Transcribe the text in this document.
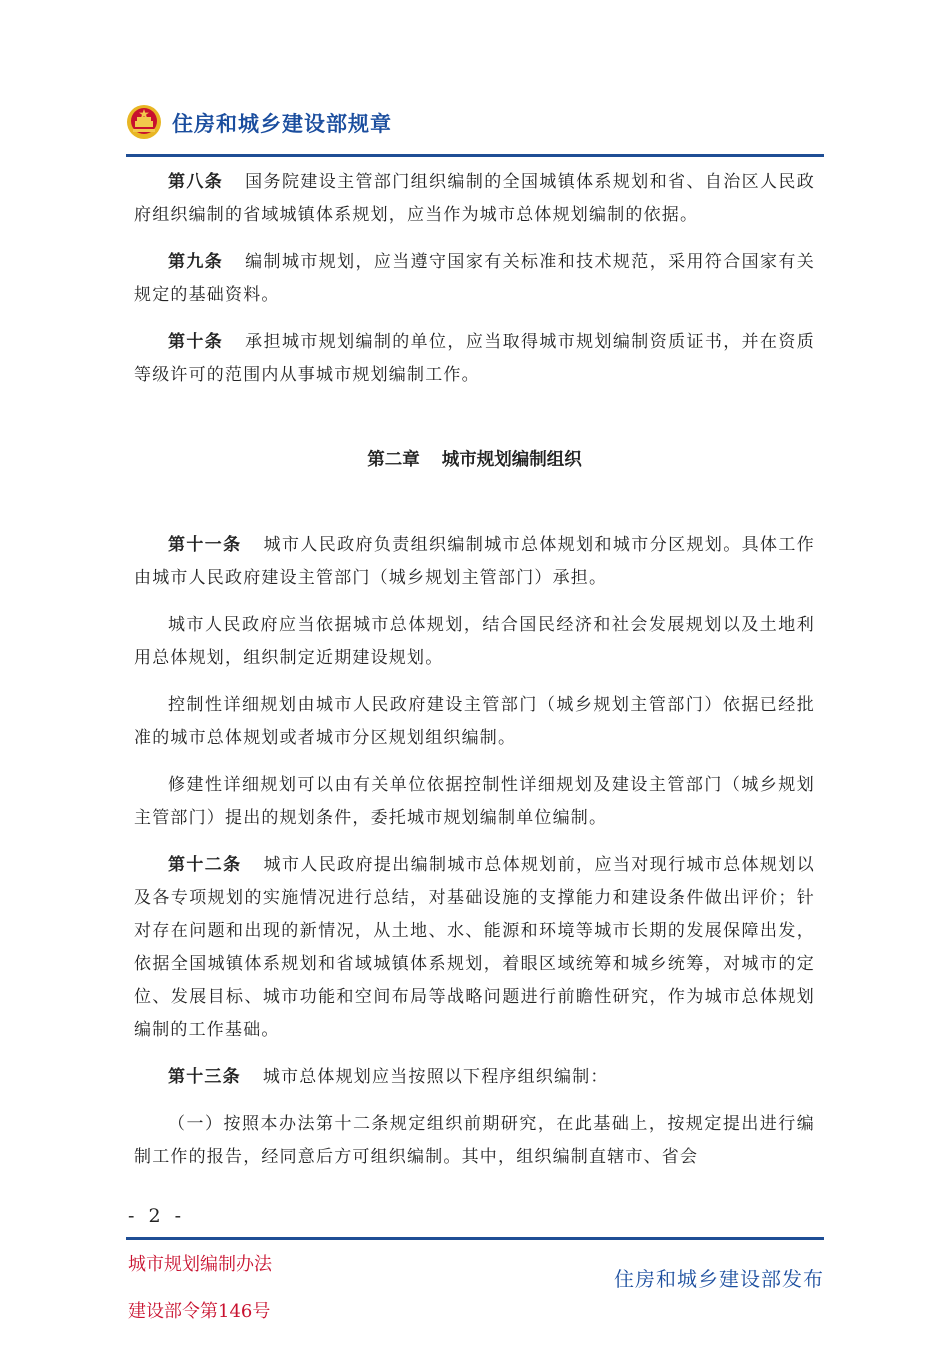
住房和城乡建设部规章

第八条 国务院建设主管部门组织编制的全国城镇体系规划和省、自治区人民政府组织编制的省域城镇体系规划，应当作为城市总体规划编制的依据。

第九条 编制城市规划，应当遵守国家有关标准和技术规范，采用符合国家有关规定的基础资料。

第十条 承担城市规划编制的单位，应当取得城市规划编制资质证书，并在资质等级许可的范围内从事城市规划编制工作。

第二章 城市规划编制组织

第十一条 城市人民政府负责组织编制城市总体规划和城市分区规划。具体工作由城市人民政府建设主管部门（城乡规划主管部门）承担。

城市人民政府应当依据城市总体规划，结合国民经济和社会发展规划以及土地利用总体规划，组织制定近期建设规划。

控制性详细规划由城市人民政府建设主管部门（城乡规划主管部门）依据已经批准的城市总体规划或者城市分区规划组织编制。

修建性详细规划可以由有关单位依据控制性详细规划及建设主管部门（城乡规划主管部门）提出的规划条件，委托城市规划编制单位编制。

第十二条 城市人民政府提出编制城市总体规划前，应当对现行城市总体规划以及各专项规划的实施情况进行总结，对基础设施的支撑能力和建设条件做出评价；针对存在问题和出现的新情况，从土地、水、能源和环境等城市长期的发展保障出发，依据全国城镇体系规划和省域城镇体系规划，着眼区域统筹和城乡统筹，对城市的定位、发展目标、城市功能和空间布局等战略问题进行前瞻性研究，作为城市总体规划编制的工作基础。

第十三条 城市总体规划应当按照以下程序组织编制：

（一）按照本办法第十二条规定组织前期研究，在此基础上，按规定提出进行编制工作的报告，经同意后方可组织编制。其中，组织编制直辖市、省会

- 2 -
城市规划编制办法
建设部令第146号
住房和城乡建设部发布
